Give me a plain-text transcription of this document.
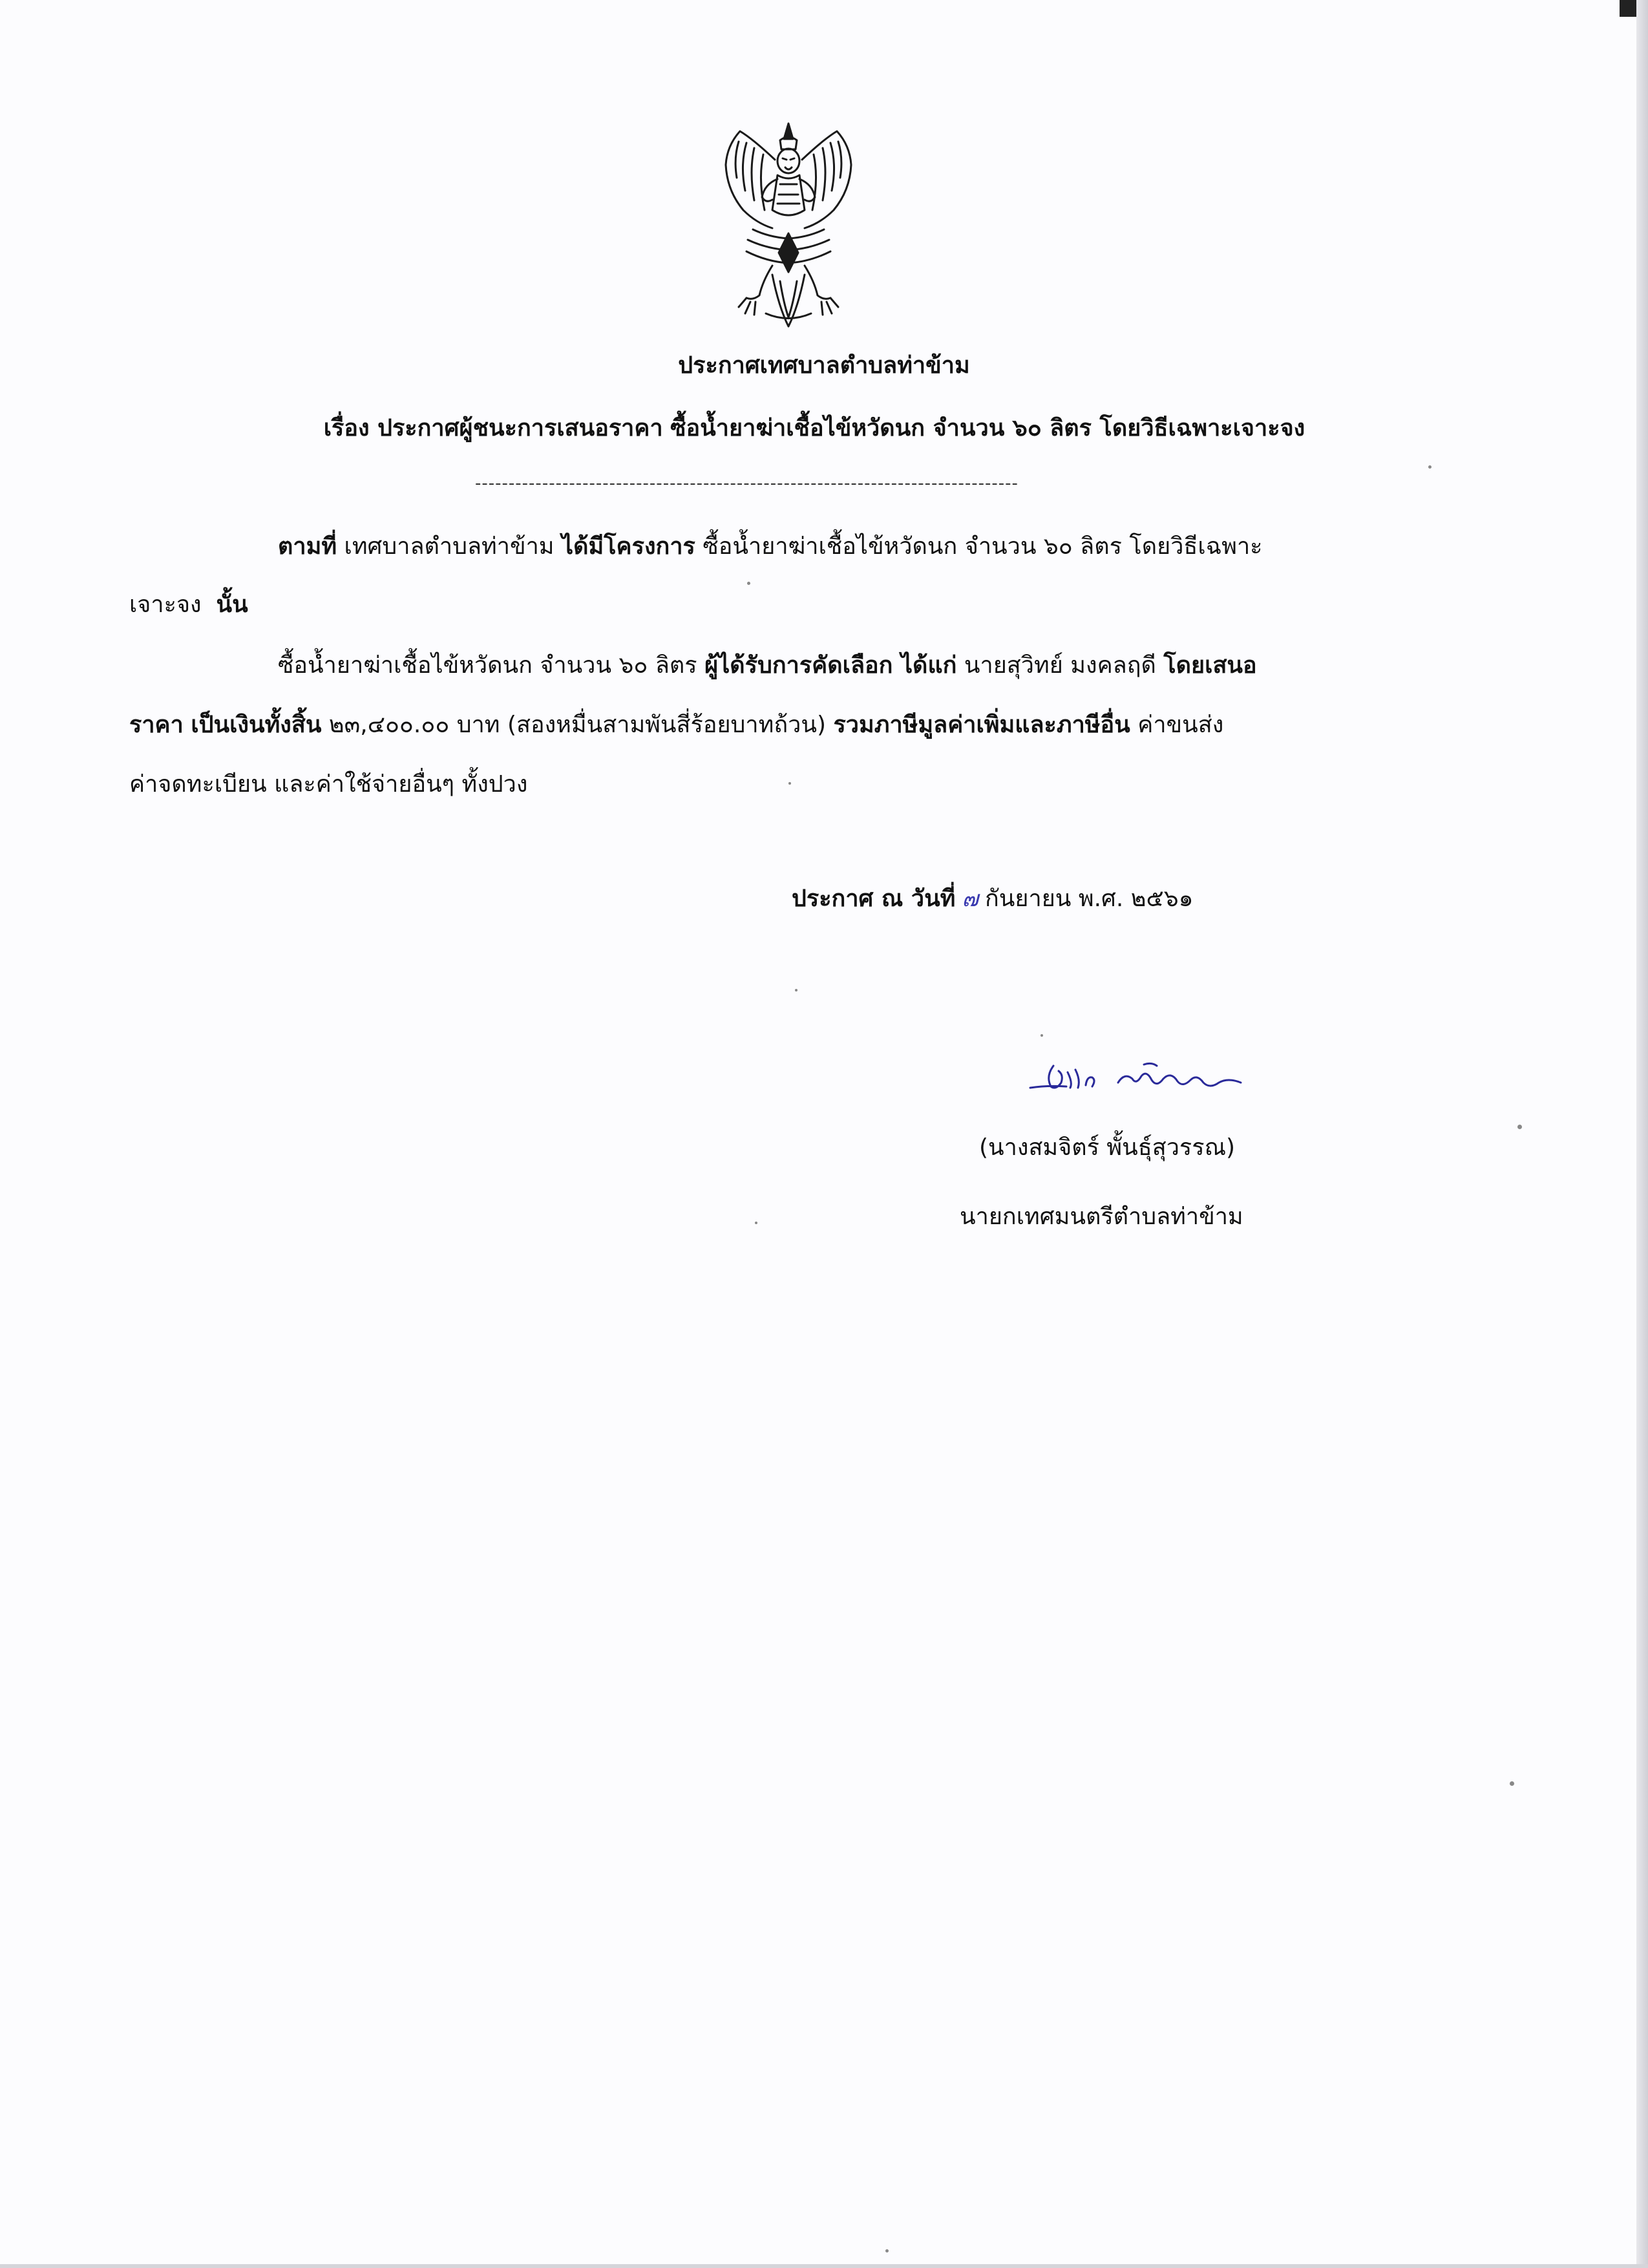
ประกาศเทศบาลตำบลท่าข้าม
เรื่อง ประกาศผู้ชนะการเสนอราคา ซื้อน้ำยาฆ่าเชื้อไข้หวัดนก จำนวน ๖๐ ลิตร โดยวิธีเฉพาะเจาะจง
---------------------------------------------------------------------------------
ตามที่ เทศบาลตำบลท่าข้าม ได้มีโครงการ ซื้อน้ำยาฆ่าเชื้อไข้หวัดนก จำนวน ๖๐ ลิตร โดยวิธีเฉพาะ
เจาะจง นั้น
ซื้อน้ำยาฆ่าเชื้อไข้หวัดนก จำนวน ๖๐ ลิตร ผู้ได้รับการคัดเลือก ได้แก่ นายสุวิทย์ มงคลฤดี โดยเสนอ
ราคา เป็นเงินทั้งสิ้น ๒๓,๔๐๐.๐๐ บาท (สองหมื่นสามพันสี่ร้อยบาทถ้วน) รวมภาษีมูลค่าเพิ่มและภาษีอื่น ค่าขนส่ง
ค่าจดทะเบียน และค่าใช้จ่ายอื่นๆ ทั้งปวง
ประกาศ ณ วันที่ ๗ กันยายน พ.ศ. ๒๕๖๑
(นางสมจิตร์ พั้นธุ์สุวรรณ)
นายกเทศมนตรีตำบลท่าข้าม
